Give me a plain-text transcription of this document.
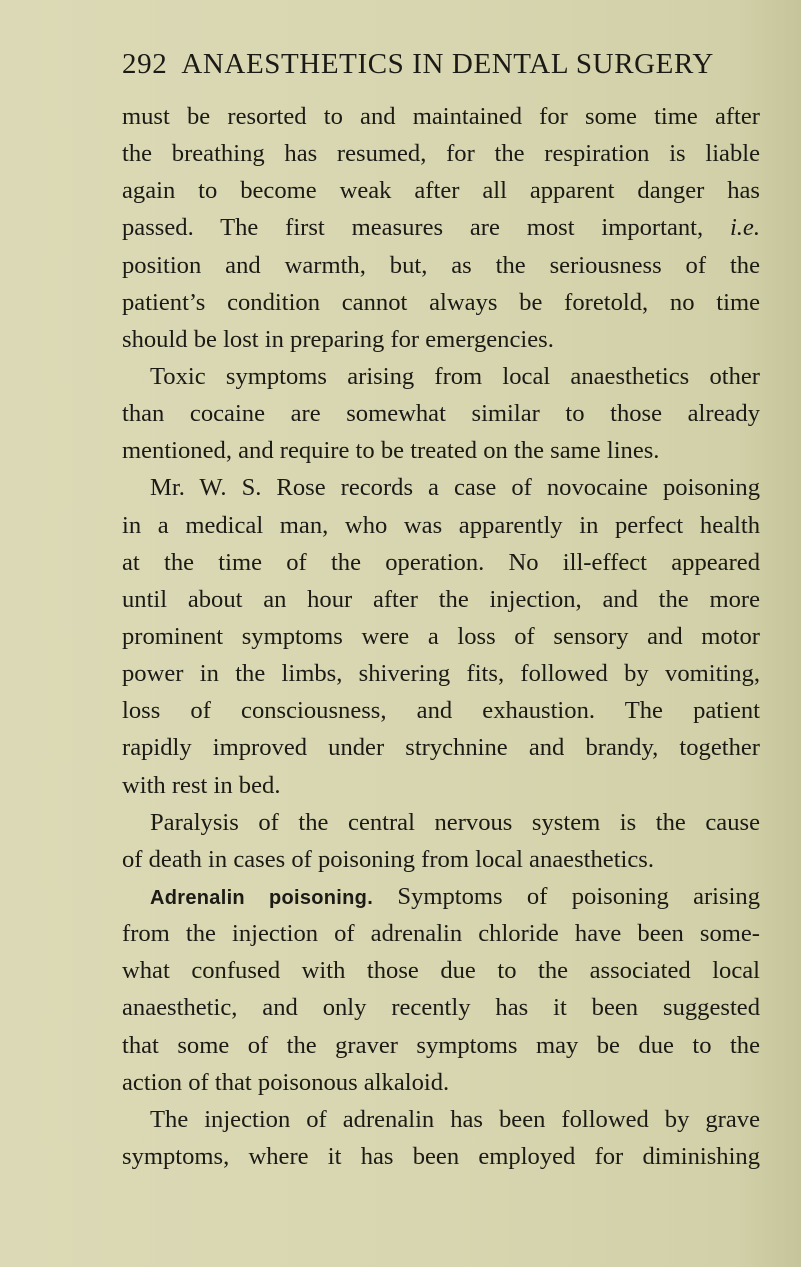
292 ANAESTHETICS IN DENTAL SURGERY
must be resorted to and maintained for some time after
the breathing has resumed, for the respiration is liable
again to become weak after all apparent danger has
passed. The first measures are most important, i.e.
position and warmth, but, as the seriousness of the
patient’s condition cannot always be foretold, no time
should be lost in preparing for emergencies.
Toxic symptoms arising from local anaesthetics other
than cocaine are somewhat similar to those already
mentioned, and require to be treated on the same lines.
Mr. W. S. Rose records a case of novocaine poisoning
in a medical man, who was apparently in perfect health
at the time of the operation. No ill-effect appeared
until about an hour after the injection, and the more
prominent symptoms were a loss of sensory and motor
power in the limbs, shivering fits, followed by vomiting,
loss of consciousness, and exhaustion. The patient
rapidly improved under strychnine and brandy, together
with rest in bed.
Paralysis of the central nervous system is the cause
of death in cases of poisoning from local anaesthetics.
Adrenalin poisoning. Symptoms of poisoning arising
from the injection of adrenalin chloride have been some-
what confused with those due to the associated local
anaesthetic, and only recently has it been suggested
that some of the graver symptoms may be due to the
action of that poisonous alkaloid.
The injection of adrenalin has been followed by grave
symptoms, where it has been employed for diminishing
